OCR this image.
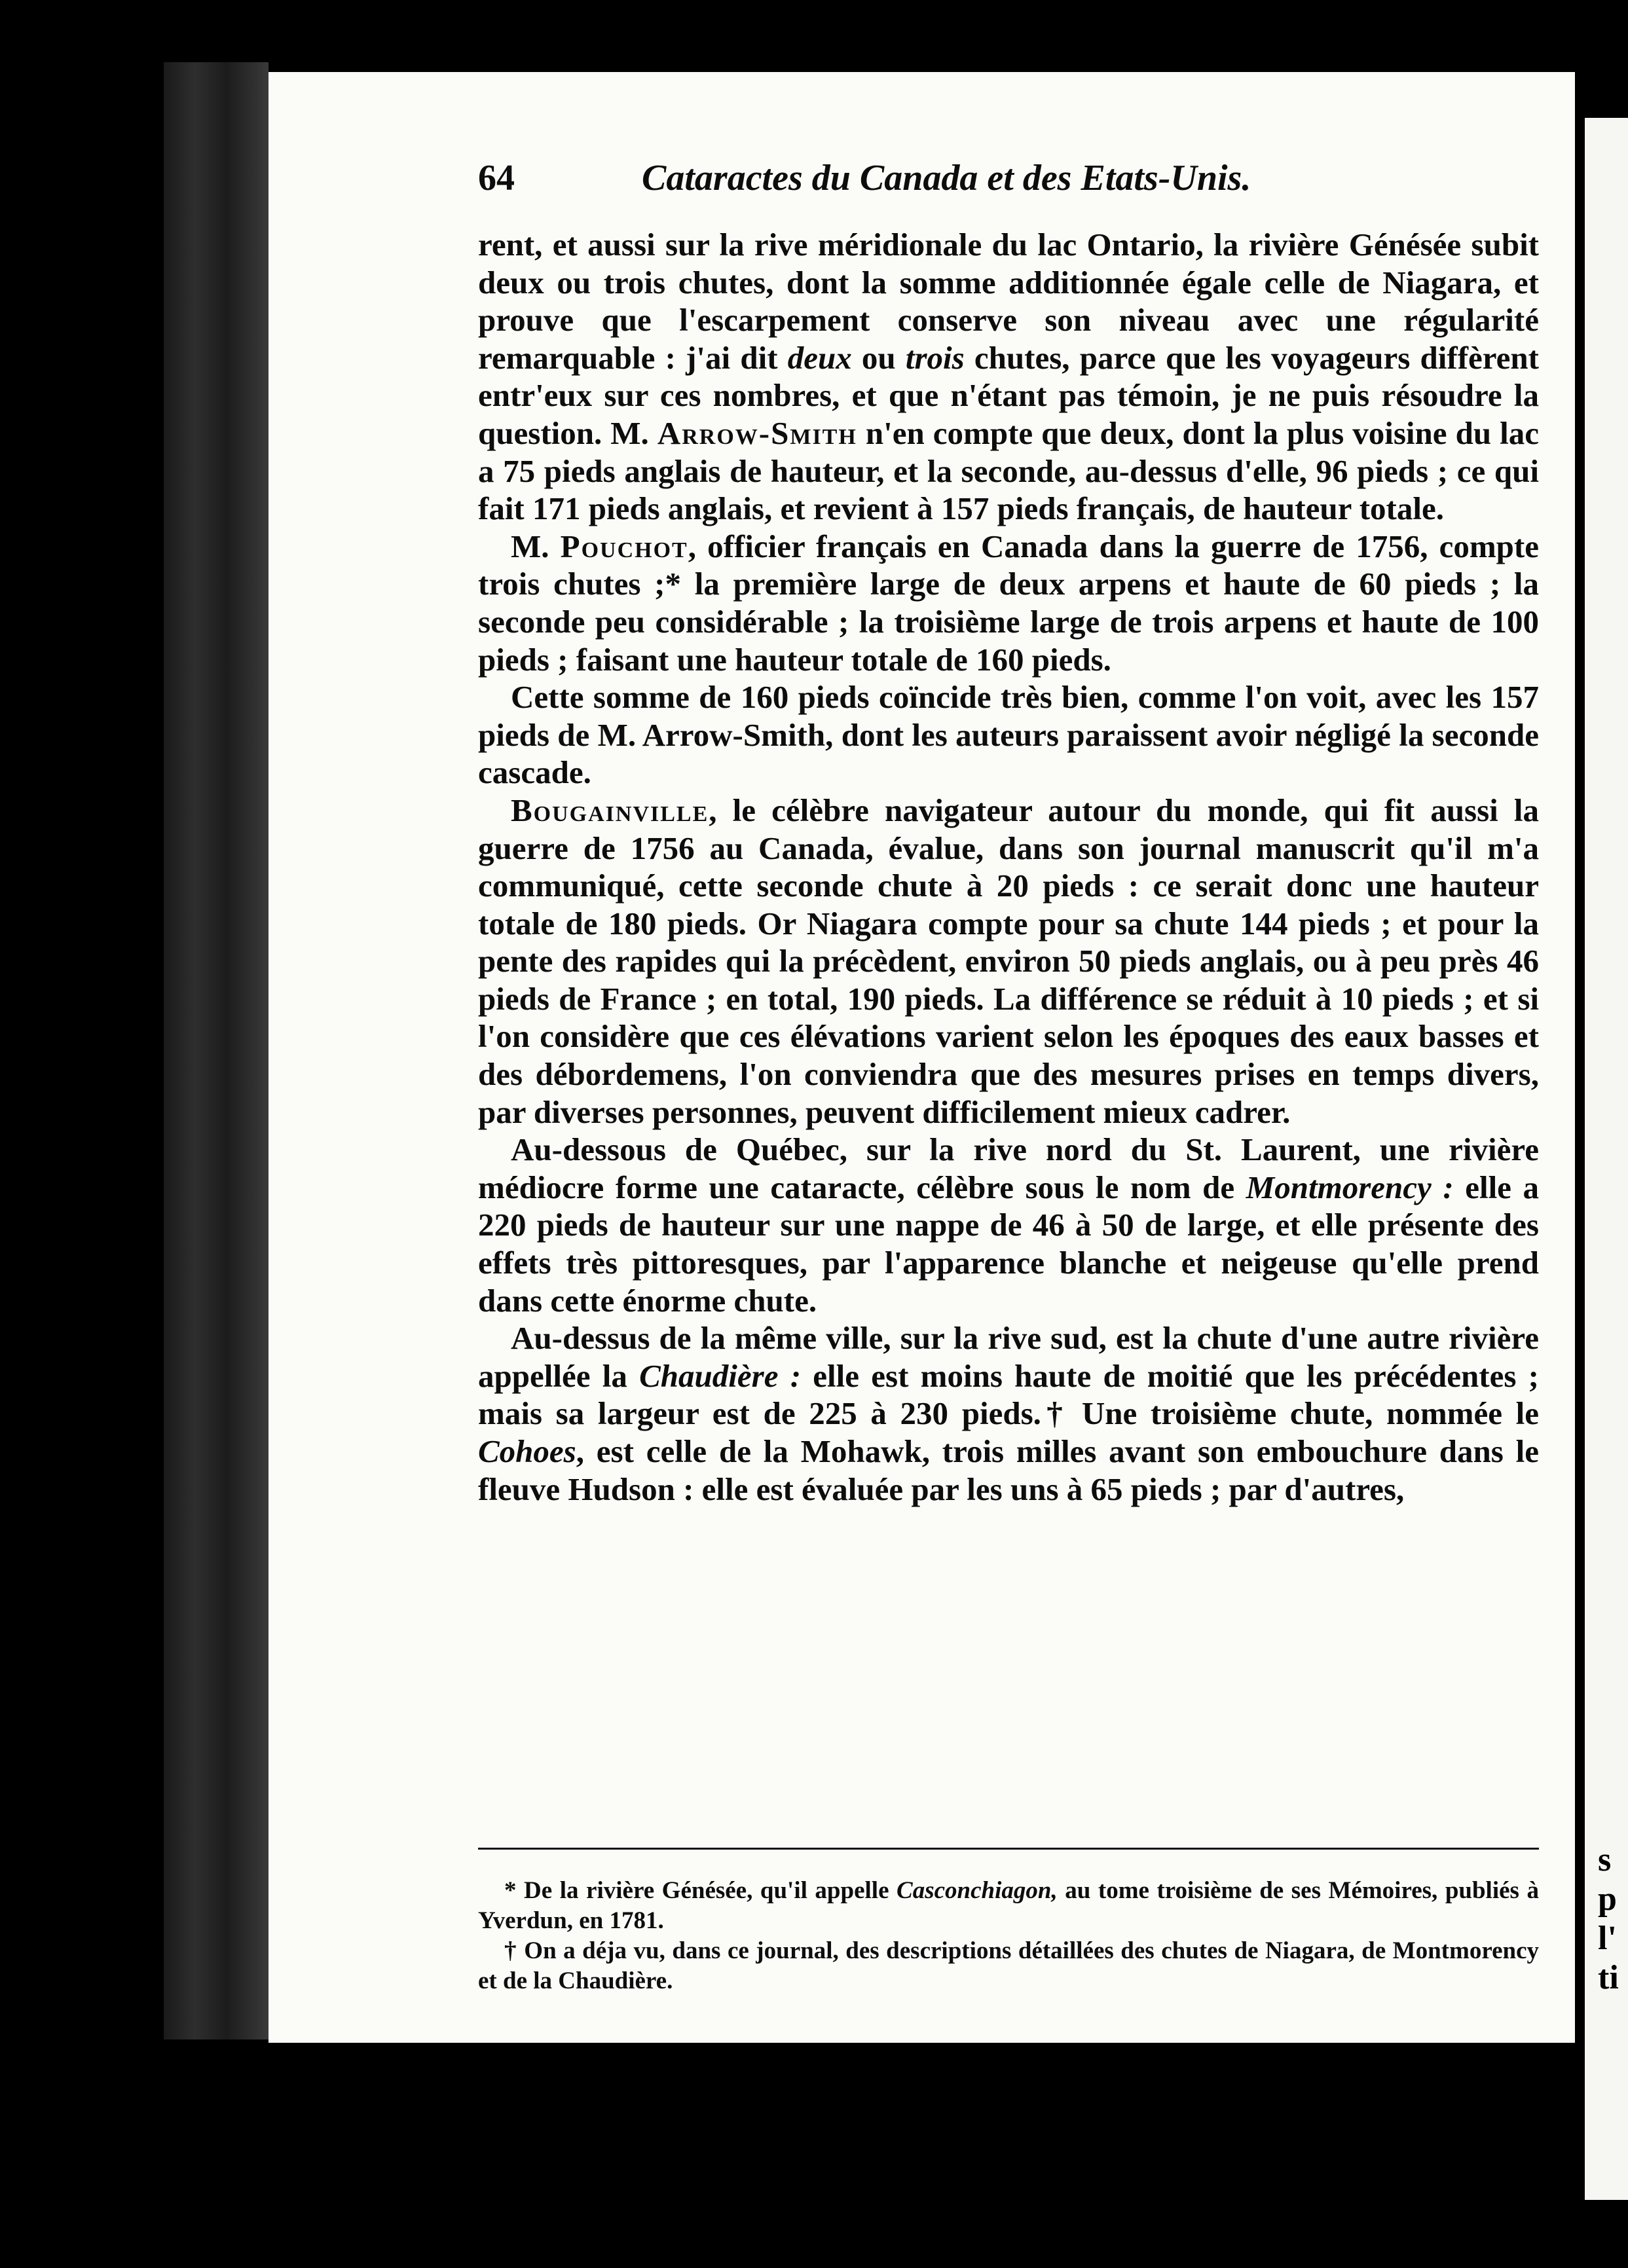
s
p
l'
ti
64	Cataractes du Canada et des Etats-Unis.

rent, et aussi sur la rive méridionale du lac Ontario, la rivière Génésée subit deux ou trois chutes, dont la somme additionnée égale celle de Niagara, et prouve que l'escarpement conserve son niveau avec une régularité remarquable : j'ai dit deux ou trois chutes, parce que les voyageurs diffèrent entr'eux sur ces nombres, et que n'étant pas témoin, je ne puis résoudre la question. M. Arrow-Smith n'en compte que deux, dont la plus voisine du lac a 75 pieds anglais de hauteur, et la seconde, au-dessus d'elle, 96 pieds ; ce qui fait 171 pieds anglais, et revient à 157 pieds français, de hauteur totale.

M. Pouchot, officier français en Canada dans la guerre de 1756, compte trois chutes ;* la première large de deux arpens et haute de 60 pieds ; la seconde peu considérable ; la troisième large de trois arpens et haute de 100 pieds ; faisant une hauteur totale de 160 pieds.

Cette somme de 160 pieds coïncide très bien, comme l'on voit, avec les 157 pieds de M. Arrow-Smith, dont les auteurs paraissent avoir négligé la seconde cascade.

Bougainville, le célèbre navigateur autour du monde, qui fit aussi la guerre de 1756 au Canada, évalue, dans son journal manuscrit qu'il m'a communiqué, cette seconde chute à 20 pieds : ce serait donc une hauteur totale de 180 pieds. Or Niagara compte pour sa chute 144 pieds ; et pour la pente des rapides qui la précèdent, environ 50 pieds anglais, ou à peu près 46 pieds de France ; en total, 190 pieds. La différence se réduit à 10 pieds ; et si l'on considère que ces élévations varient selon les époques des eaux basses et des débordemens, l'on conviendra que des mesures prises en temps divers, par diverses personnes, peuvent difficilement mieux cadrer.

Au-dessous de Québec, sur la rive nord du St. Laurent, une rivière médiocre forme une cataracte, célèbre sous le nom de Montmorency : elle a 220 pieds de hauteur sur une nappe de 46 à 50 de large, et elle présente des effets très pittoresques, par l'apparence blanche et neigeuse qu'elle prend dans cette énorme chute.

Au-dessus de la même ville, sur la rive sud, est la chute d'une autre rivière appellée la Chaudière : elle est moins haute de moitié que les précédentes ; mais sa largeur est de 225 à 230 pieds.† Une troisième chute, nommée le Cohoes, est celle de la Mohawk, trois milles avant son embouchure dans le fleuve Hudson : elle est évaluée par les uns à 65 pieds ; par d'autres,

* De la rivière Génésée, qu'il appelle Casconchiagon, au tome troisième de ses Mémoires, publiés à Yverdun, en 1781.

† On a déja vu, dans ce journal, des descriptions détaillées des chutes de Niagara, de Montmorency et de la Chaudière.
